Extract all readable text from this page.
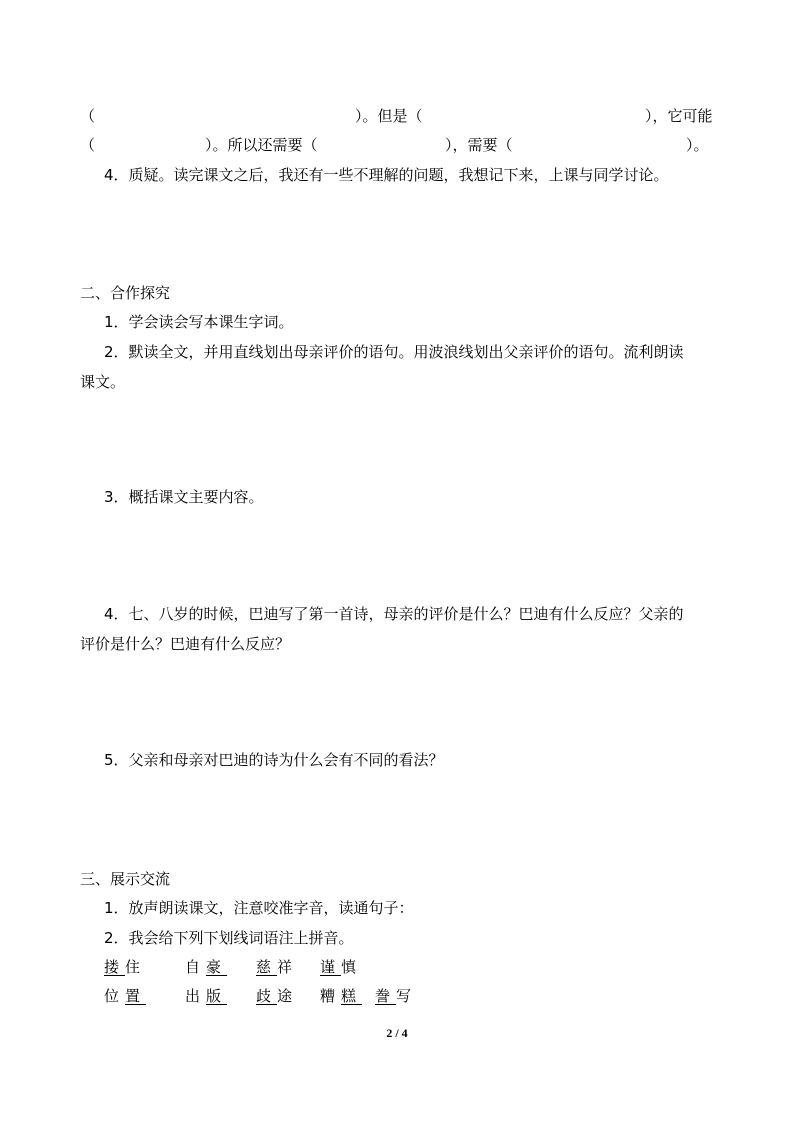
（	）。但是（	），它可能
（	）。所以还需要（	），需要（	）。
4．质疑。读完课文之后，我还有一些不理解的问题，我想记下来，上课与同学讨论。
二、合作探究
1．学会读会写本课生字词。
2．默读全文，并用直线划出母亲评价的语句。用波浪线划出父亲评价的语句。流利朗读
课文。
3．概括课文主要内容。
4．七、八岁的时候，巴迪写了第一首诗，母亲的评价是什么？巴迪有什么反应？父亲的
评价是什么？巴迪有什么反应？
5．父亲和母亲对巴迪的诗为什么会有不同的看法？
三、展示交流
1．放声朗读课文，注意咬准字音，读通句子：
2．我会给下列下划线词语注上拼音。
搂住	自豪 慈祥 谨慎
位置	出版 歧途 糟糕 誊写
2 / 4
